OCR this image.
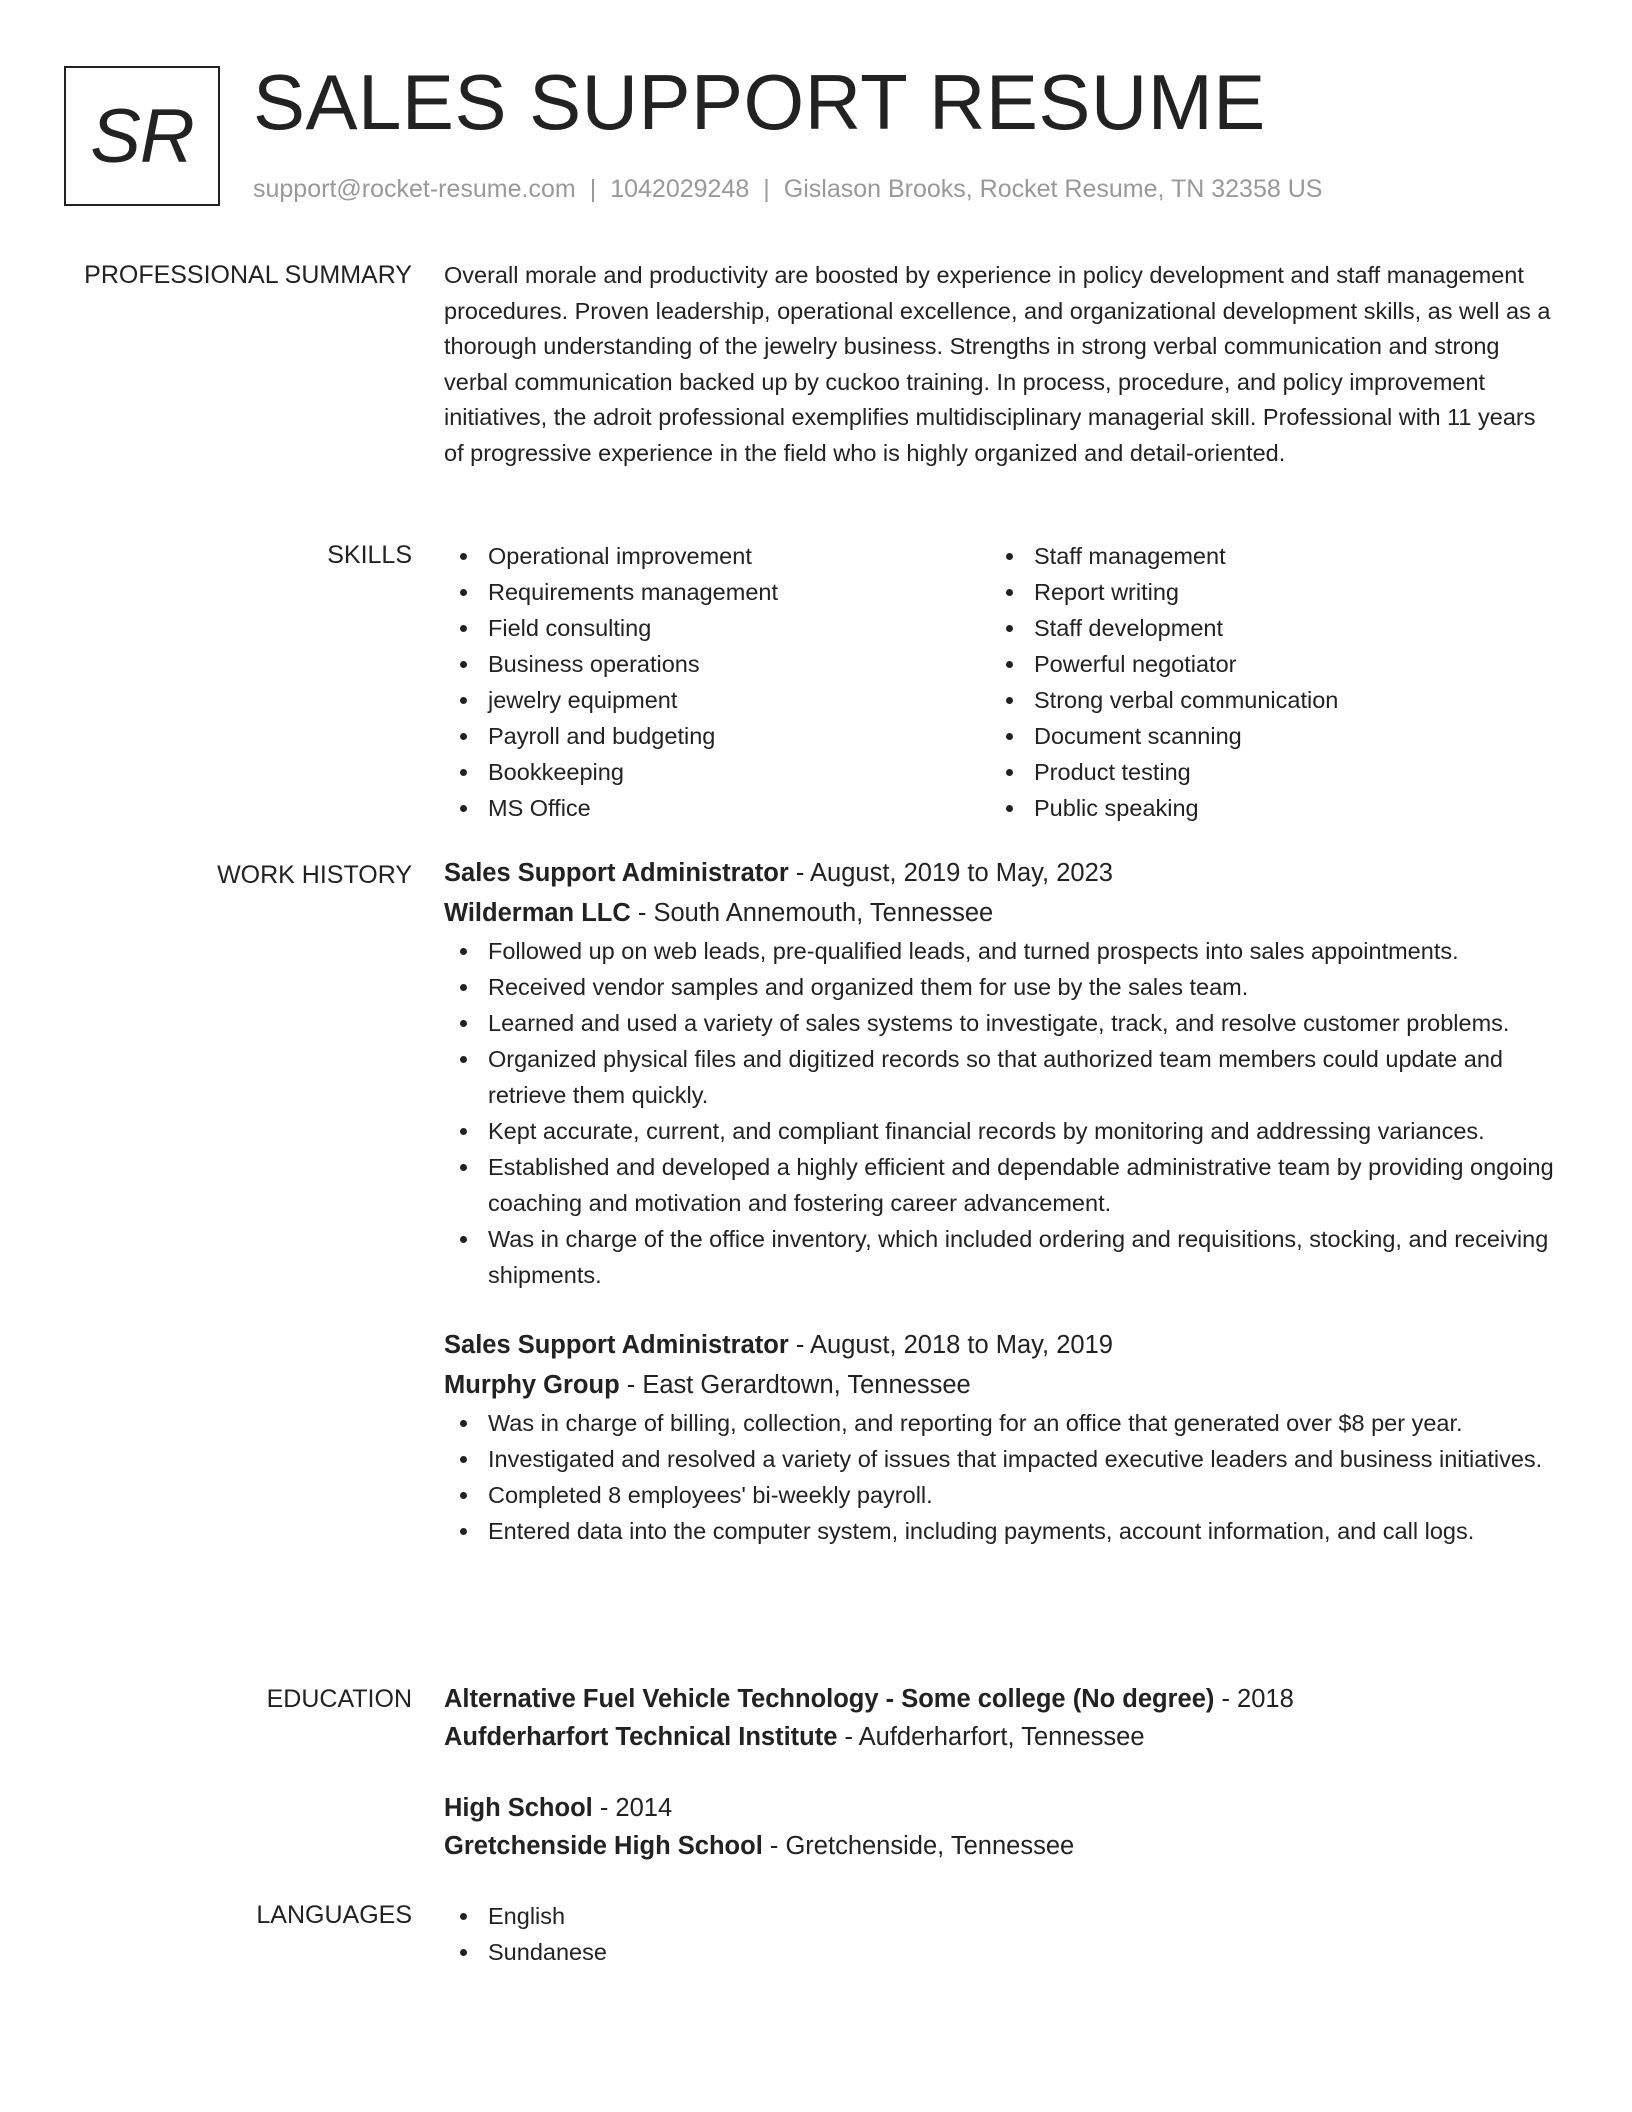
SR SALES SUPPORT RESUME
support@rocket-resume.com | 1042029248 | Gislason Brooks, Rocket Resume, TN 32358 US
PROFESSIONAL SUMMARY Overall morale and productivity are boosted by experience in policy development and staff management procedures. Proven leadership, operational excellence, and organizational development skills, as well as a thorough understanding of the jewelry business. Strengths in strong verbal communication and strong verbal communication backed up by cuckoo training. In process, procedure, and policy improvement initiatives, the adroit professional exemplifies multidisciplinary managerial skill. Professional with 11 years of progressive experience in the field who is highly organized and detail-oriented.

SKILLS	Operational improvement
Requirements management
Field consulting
Business operations
jewelry equipment
Payroll and budgeting
Bookkeeping
MS Office
Staff management
Report writing
Staff development
Powerful negotiator
Strong verbal communication
Document scanning
Product testing
Public speaking
WORK HISTORY Sales Support Administrator - August, 2019 to May, 2023
Wilderman LLC - South Annemouth, Tennessee
Followed up on web leads, pre-qualified leads, and turned prospects into sales appointments.
Received vendor samples and organized them for use by the sales team.
Learned and used a variety of sales systems to investigate, track, and resolve customer problems.
Organized physical files and digitized records so that authorized team members could update and retrieve them quickly.
Kept accurate, current, and compliant financial records by monitoring and addressing variances.
Established and developed a highly efficient and dependable administrative team by providing ongoing coaching and motivation and fostering career advancement.
Was in charge of the office inventory, which included ordering and requisitions, stocking, and receiving shipments.
Sales Support Administrator - August, 2018 to May, 2019
Murphy Group - East Gerardtown, Tennessee
Was in charge of billing, collection, and reporting for an office that generated over $8 per year.
Investigated and resolved a variety of issues that impacted executive leaders and business initiatives.
Completed 8 employees' bi-weekly payroll.
Entered data into the computer system, including payments, account information, and call logs.
EDUCATION Alternative Fuel Vehicle Technology - Some college (No degree) - 2018
Aufderharfort Technical Institute - Aufderharfort, Tennessee
High School - 2014
Gretchenside High School - Gretchenside, Tennessee
LANGUAGES	English
Sundanese
